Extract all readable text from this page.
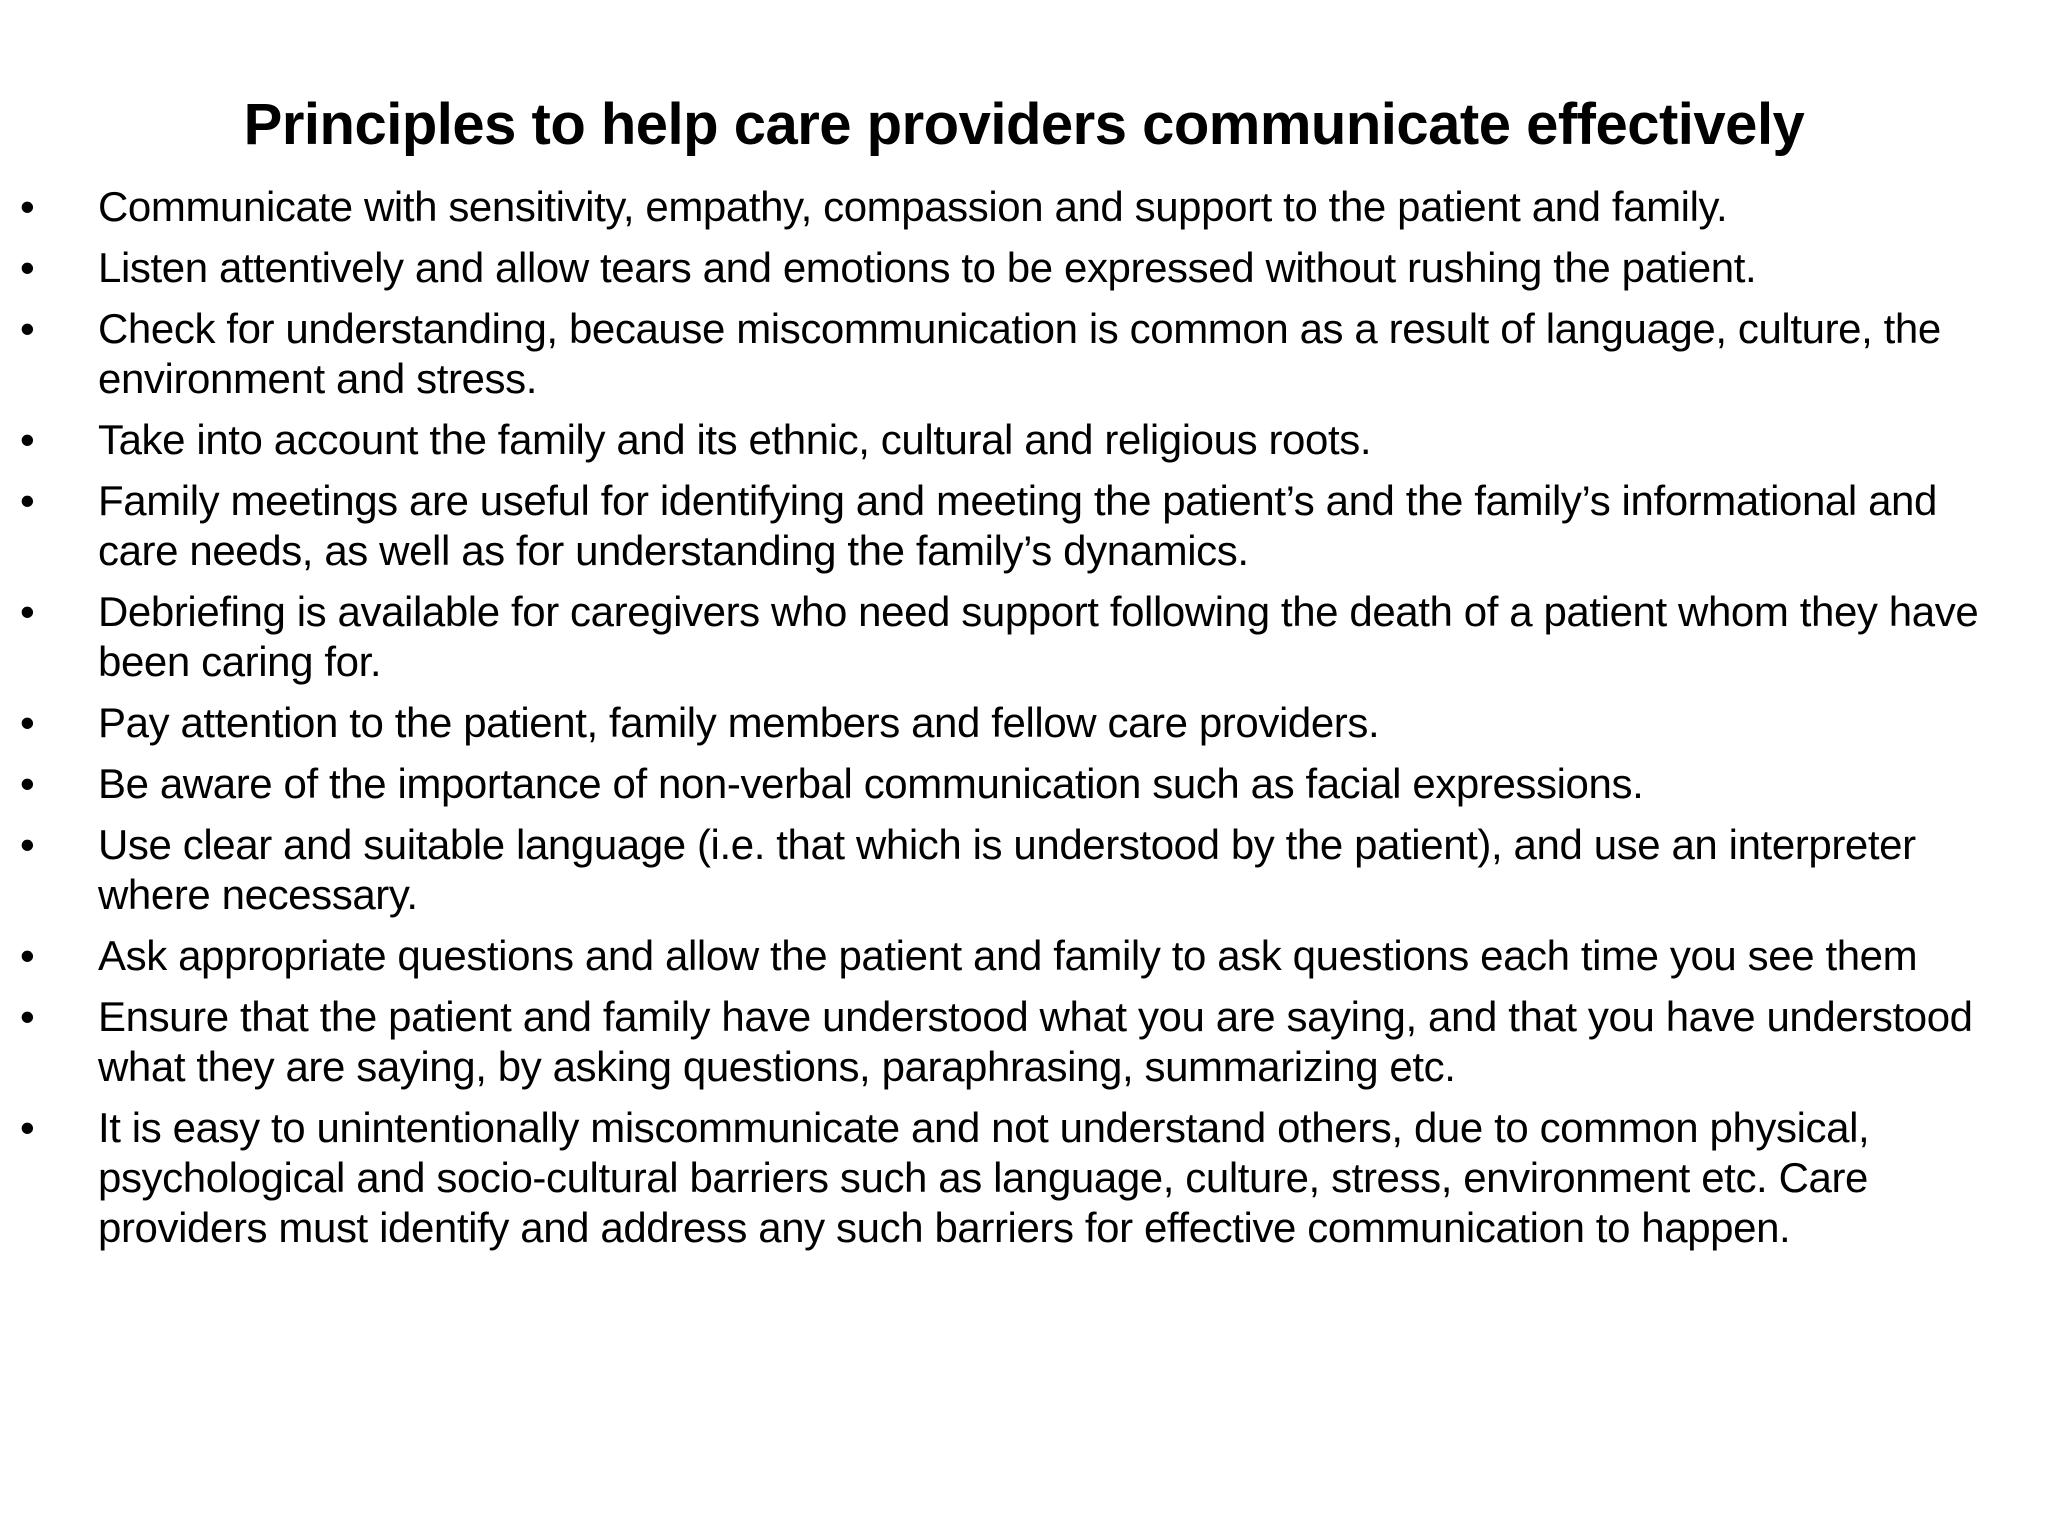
Principles to help care providers communicate effectively
•	Communicate with sensitivity, empathy, compassion and support to the patient and family.
•	Listen attentively and allow tears and emotions to be expressed without rushing the patient.
•	Check for understanding, because miscommunication is common as a result of language, culture, the environment and stress.
•	Take into account the family and its ethnic, cultural and religious roots.
•	Family meetings are useful for identifying and meeting the patient’s and the family’s informational and care needs, as well as for understanding the family’s dynamics.
•	Debriefing is available for caregivers who need support following the death of a patient whom they have been caring for.
•	Pay attention to the patient, family members and fellow care providers.
•	Be aware of the importance of non-verbal communication such as facial expressions.
•	Use clear and suitable language (i.e. that which is understood by the patient), and use an interpreter where necessary.
•	Ask appropriate questions and allow the patient and family to ask questions each time you see them
•	Ensure that the patient and family have understood what you are saying, and that you have understood what they are saying, by asking questions, paraphrasing, summarizing etc.
•	It is easy to unintentionally miscommunicate and not understand others, due to common physical, psychological and socio-cultural barriers such as language, culture, stress, environment etc. Care providers must identify and address any such barriers for effective communication to happen.
